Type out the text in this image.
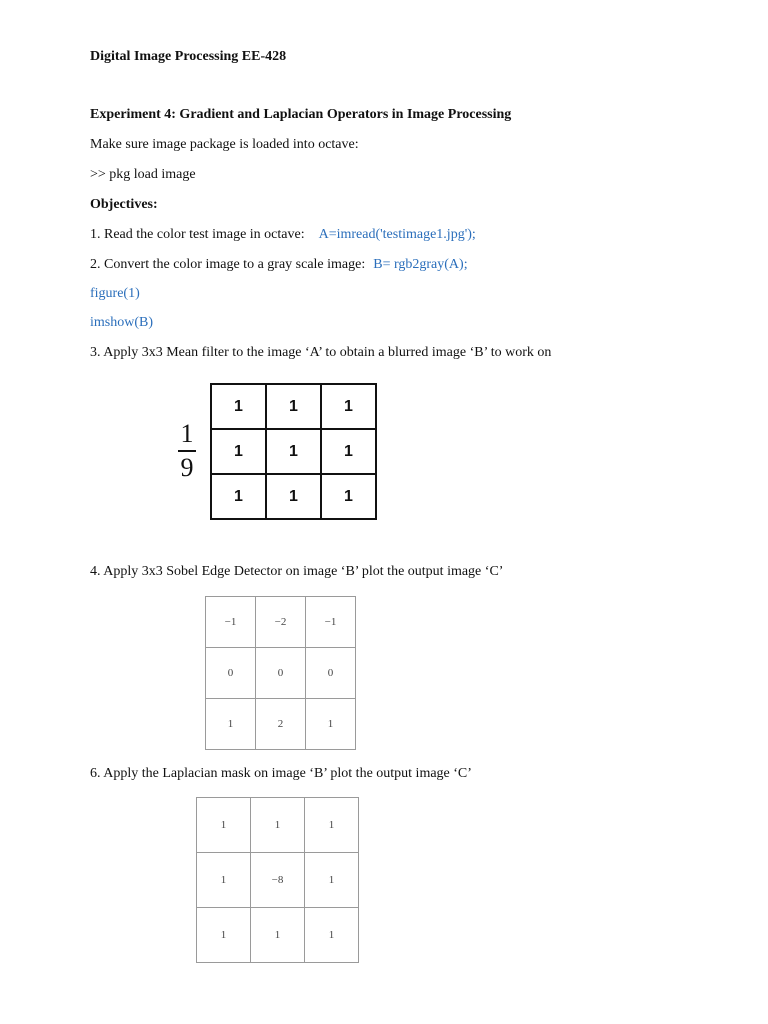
Digital Image Processing EE-428
Experiment 4: Gradient and Laplacian Operators in Image Processing
Make sure image package is loaded into octave:
>> pkg load image
Objectives:
1. Read the color test image in octave: A=imread('testimage1.jpg');
2. Convert the color image to a gray scale image: B= rgb2gray(A);
figure(1)
imshow(B)
3. Apply 3x3 Mean filter to the image ‘A’ to obtain a blurred image ‘B’ to work on
1
9
1	1	1
1	1	1
1	1	1
4. Apply 3x3 Sobel Edge Detector on image ‘B’ plot the output image ‘C’
−1	−2	−1
0	0	0
1	2	1
6. Apply the Laplacian mask on image ‘B’ plot the output image ‘C’
1	1	1
1	−8	1
1	1	1
